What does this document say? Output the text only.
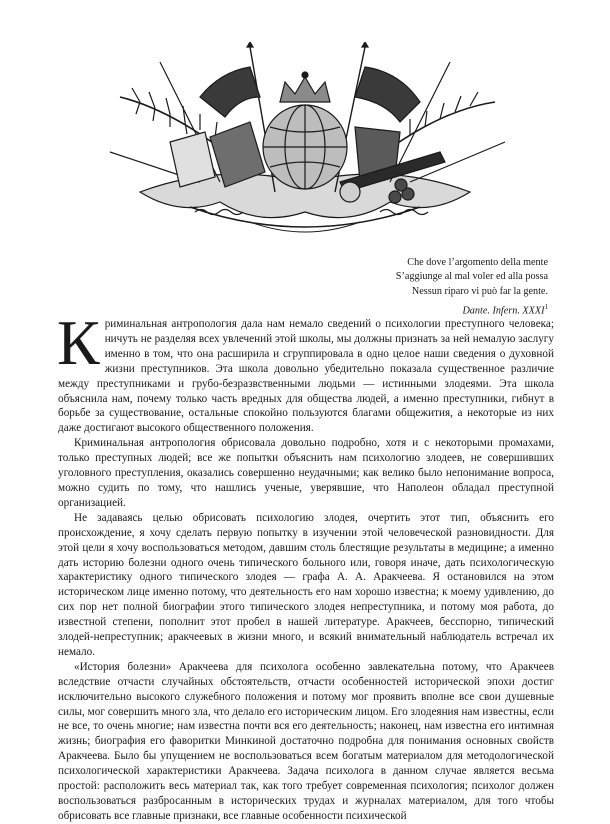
Che dove l’argomento della mente
S’aggiunge al mal voler ed alla possa
Nessun riparo vi può far la gente.
Dante. Infern. XXXI$^1$

Криминальная антропология дала нам немало сведений о психологии преступного человека; ничуть не разделяя всех увлечений этой школы, мы должны признать за ней немалую заслугу именно в том, что она расширила и сгруппировала в одно целое наши сведения о духовной жизни преступников. Эта школа довольно убедительно показала существенное различие между преступниками и грубо-безразвственными людьми — истинными злодеями. Эта школа объяснила нам, почему только часть вредных для общества людей, а именно преступники, гибнут в борьбе за существование, остальные спокойно пользуются благами общежития, а некоторые из них даже достигают высокого общественного положения.

Криминальная антропология обрисовала довольно подробно, хотя и с некоторыми промахами, только преступных людей; все же попытки объяснить нам психологию злодеев, не совершивших уголовного преступления, оказались совершенно неудачными; как велико было непонимание вопроса, можно судить по тому, что нашлись ученые, уверявшие, что Наполеон обладал преступной организацией.

Не задаваясь целью обрисовать психологию злодея, очертить этот тип, объяснить его происхождение, я хочу сделать первую попытку в изучении этой человеческой разновидности. Для этой цели я хочу воспользоваться методом, давшим столь блестящие результаты в медицине; а именно дать историю болезни одного очень типического больного или, говоря иначе, дать психологическую характеристику одного типического злодея — графа А. А. Аракчеева. Я остановился на этом историческом лице именно потому, что деятельность его нам хорошо известна; к моему удивлению, до сих пор нет полной биографии этого типического злодея непреступника, и потому моя работа, до известной степени, пополнит этот пробел в нашей литературе. Аракчеев, бесспорно, типический злодей-непреступник; аракчеевых в жизни много, и всякий внимательный наблюдатель встречал их немало.

«История болезни» Аракчеева для психолога особенно завлекательна потому, что Аракчеев вследствие отчасти случайных обстоятельств, отчасти особенностей исторической эпохи достиг исключительно высокого служебного положения и потому мог проявить вполне все свои душевные силы, мог совершить много зла, что делало его историческим лицом. Его злодеяния нам известны, если не все, то очень многие; нам известна почти вся его деятельность; наконец, нам известна его интимная жизнь; биография его фаворитки Минкиной достаточно подробна для понимания основных свойств Аракчеева. Было бы упущением не воспользоваться всем богатым материалом для методологической психологической характеристики Аракчеева. Задача психолога в данном случае является весьма простой: расположить весь материал так, как того требует современная психология; психолог должен воспользоваться разбросанным в исторических трудах и журналах материалом, для того чтобы обрисовать все главные признаки, все главные особенности психической
